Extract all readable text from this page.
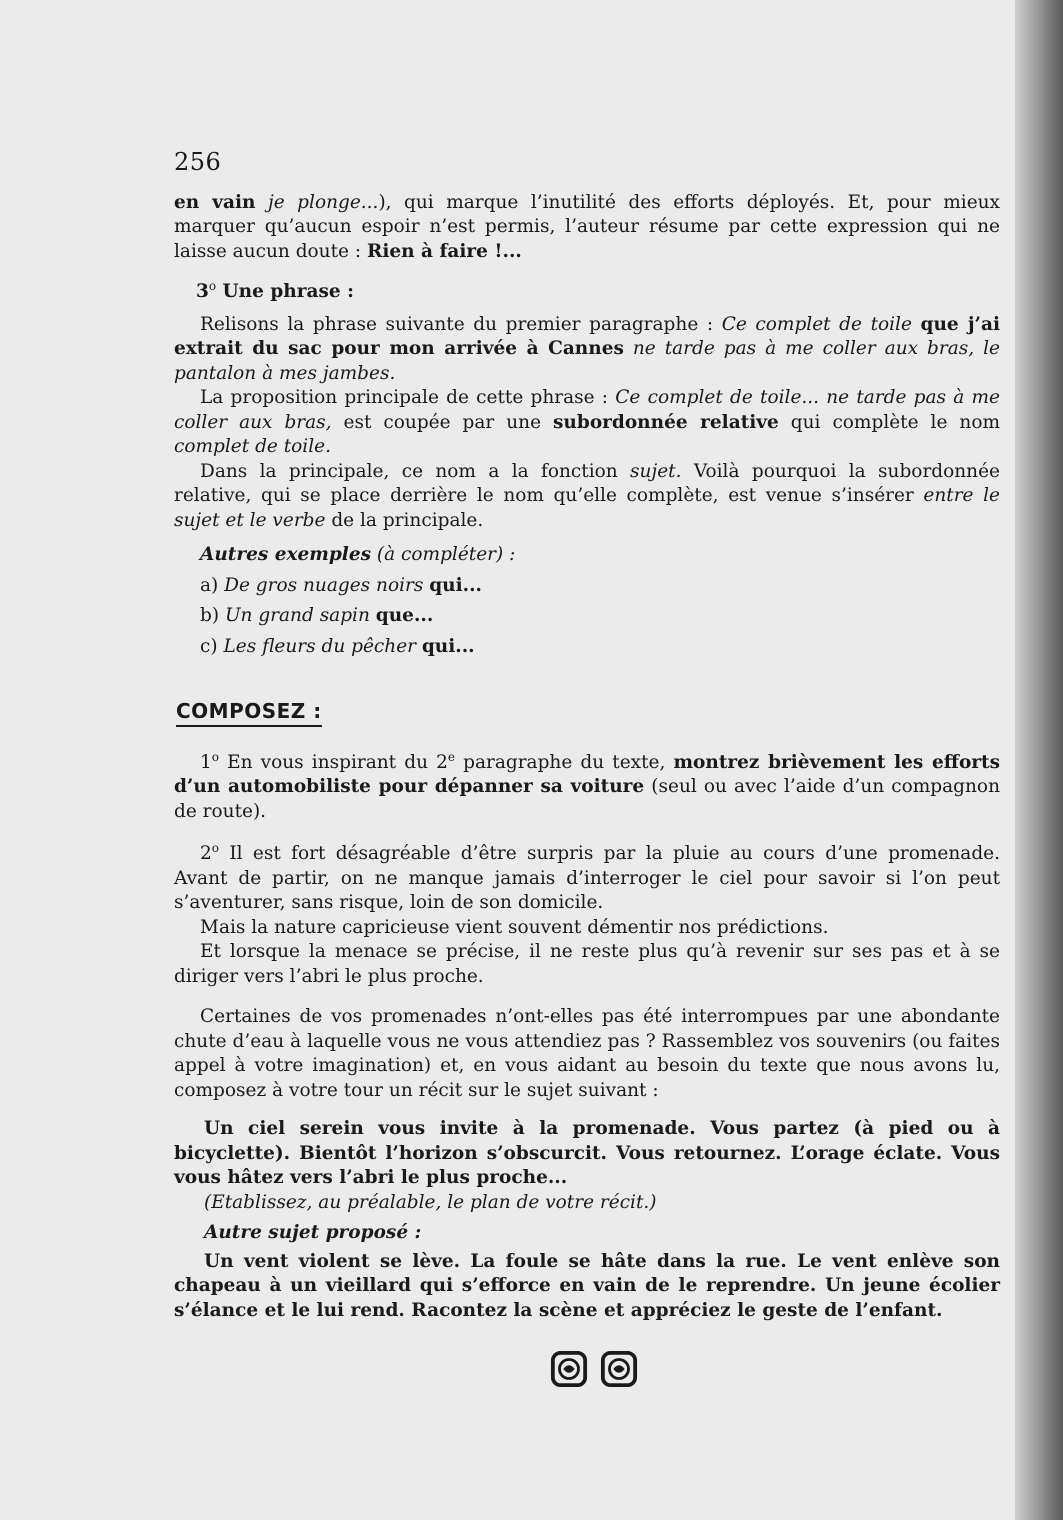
256

en vain je plonge...), qui marque l’inutilité des efforts déployés. Et, pour mieux marquer qu’aucun espoir n’est permis, l’auteur résume par cette expression qui ne laisse aucun doute : Rien à faire !...

3$^o$ Une phrase :

Relisons la phrase suivante du premier paragraphe : Ce complet de toile que j’ai extrait du sac pour mon arrivée à Cannes ne tarde pas à me coller aux bras, le pantalon à mes jambes.

La proposition principale de cette phrase : Ce complet de toile... ne tarde pas à me coller aux bras, est coupée par une subordonnée relative qui complète le nom complet de toile.

Dans la principale, ce nom a la fonction sujet. Voilà pourquoi la subordonnée relative, qui se place derrière le nom qu’elle complète, est venue s’insérer entre le sujet et le verbe de la principale.

Autres exemples (à compléter) :
a) De gros nuages noirs qui...
b) Un grand sapin que...
c) Les fleurs du pêcher qui...
COMPOSEZ :

1$^o$ En vous inspirant du 2e paragraphe du texte, montrez brièvement les efforts d’un automobiliste pour dépanner sa voiture (seul ou avec l’aide d’un compagnon de route).

2$^o$ Il est fort désagréable d’être surpris par la pluie au cours d’une promenade. Avant de partir, on ne manque jamais d’interroger le ciel pour savoir si l’on peut s’aventurer, sans risque, loin de son domicile.

Mais la nature capricieuse vient souvent démentir nos prédictions.

Et lorsque la menace se précise, il ne reste plus qu’à revenir sur ses pas et à se diriger vers l’abri le plus proche.

Certaines de vos promenades n’ont-elles pas été interrompues par une abondante chute d’eau à laquelle vous ne vous attendiez pas ? Rassemblez vos souvenirs (ou faites appel à votre imagination) et, en vous aidant au besoin du texte que nous avons lu, composez à votre tour un récit sur le sujet suivant :

Un ciel serein vous invite à la promenade. Vous partez (à pied ou à bicyclette). Bientôt l’horizon s’obscurcit. Vous retournez. L’orage éclate. Vous vous hâtez vers l’abri le plus proche...

(Etablissez, au préalable, le plan de votre récit.)

Autre sujet proposé :

Un vent violent se lève. La foule se hâte dans la rue. Le vent enlève son chapeau à un vieillard qui s’efforce en vain de le reprendre. Un jeune écolier s’élance et le lui rend. Racontez la scène et appréciez le geste de l’enfant.
